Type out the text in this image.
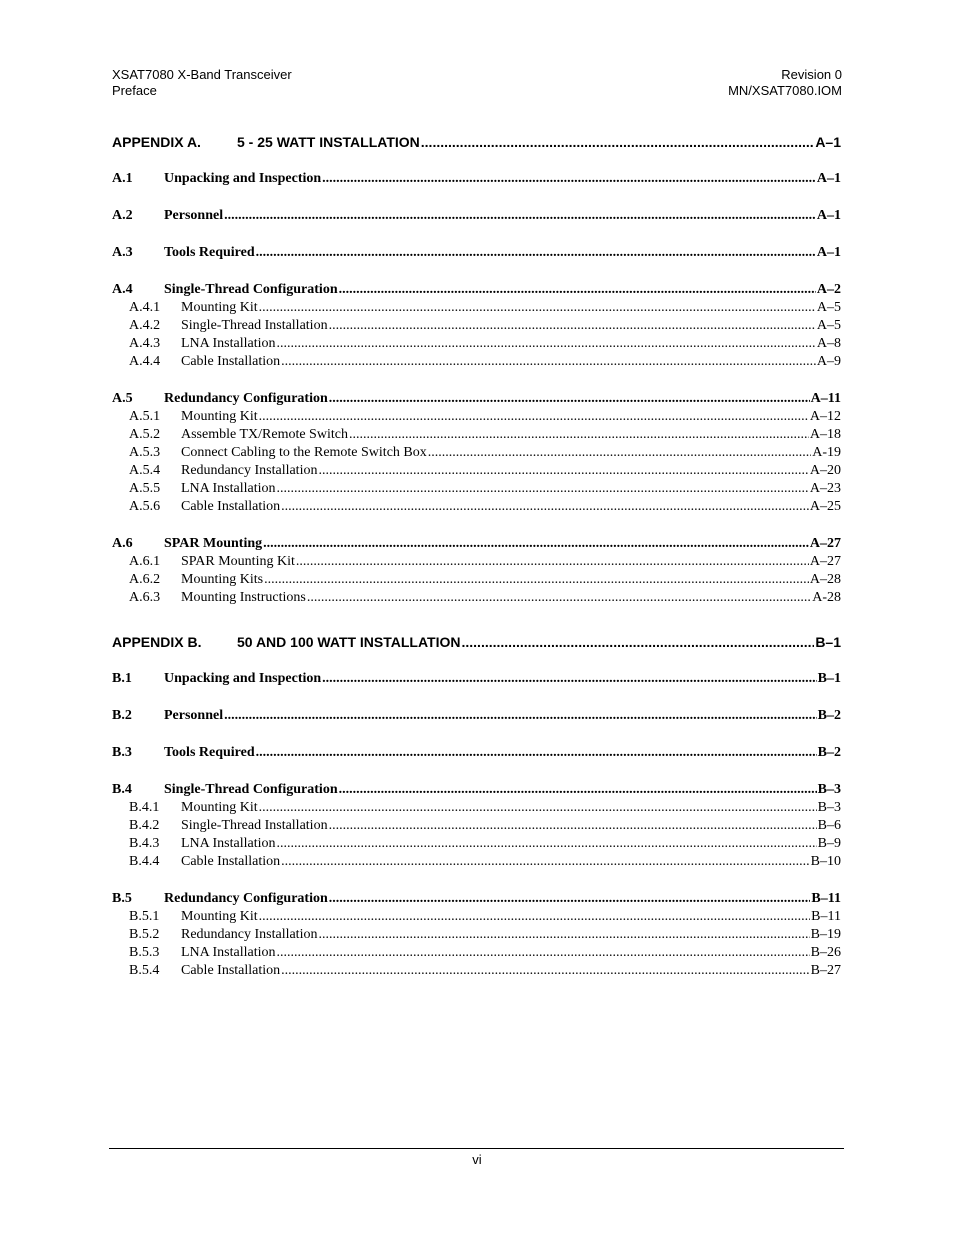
XSAT7080 X-Band Transceiver
Preface
Revision 0
MN/XSAT7080.IOM
APPENDIX A.	5 - 25 WATT INSTALLATION .....	A–1
A.1	Unpacking and Inspection .....	A–1
A.2	Personnel .....	A–1
A.3	Tools Required .....	A–1
A.4	Single-Thread Configuration .....	A–2
A.4.1	Mounting Kit .....	A–5
A.4.2	Single-Thread Installation .....	A–5
A.4.3	LNA Installation .....	A–8
A.4.4	Cable Installation .....	A–9
A.5	Redundancy Configuration .....	A–11
A.5.1	Mounting Kit .....	A–12
A.5.2	Assemble TX/Remote Switch .....	A–18
A.5.3	Connect Cabling to the Remote Switch Box .....	A-19
A.5.4	Redundancy Installation .....	A–20
A.5.5	LNA Installation .....	A–23
A.5.6	Cable Installation .....	A–25
A.6	SPAR Mounting .....	A–27
A.6.1	SPAR Mounting Kit .....	A–27
A.6.2	Mounting Kits .....	A–28
A.6.3	Mounting Instructions .....	A-28
APPENDIX B.	50 AND 100 WATT INSTALLATION .....	B–1
B.1	Unpacking and Inspection .....	B–1
B.2	Personnel .....	B–2
B.3	Tools Required .....	B–2
B.4	Single-Thread Configuration .....	B–3
B.4.1	Mounting Kit .....	B–3
B.4.2	Single-Thread Installation .....	B–6
B.4.3	LNA Installation .....	B–9
B.4.4	Cable Installation .....	B–10
B.5	Redundancy Configuration .....	B–11
B.5.1	Mounting Kit .....	B–11
B.5.2	Redundancy Installation .....	B–19
B.5.3	LNA Installation .....	B–26
B.5.4	Cable Installation .....	B–27
vi
